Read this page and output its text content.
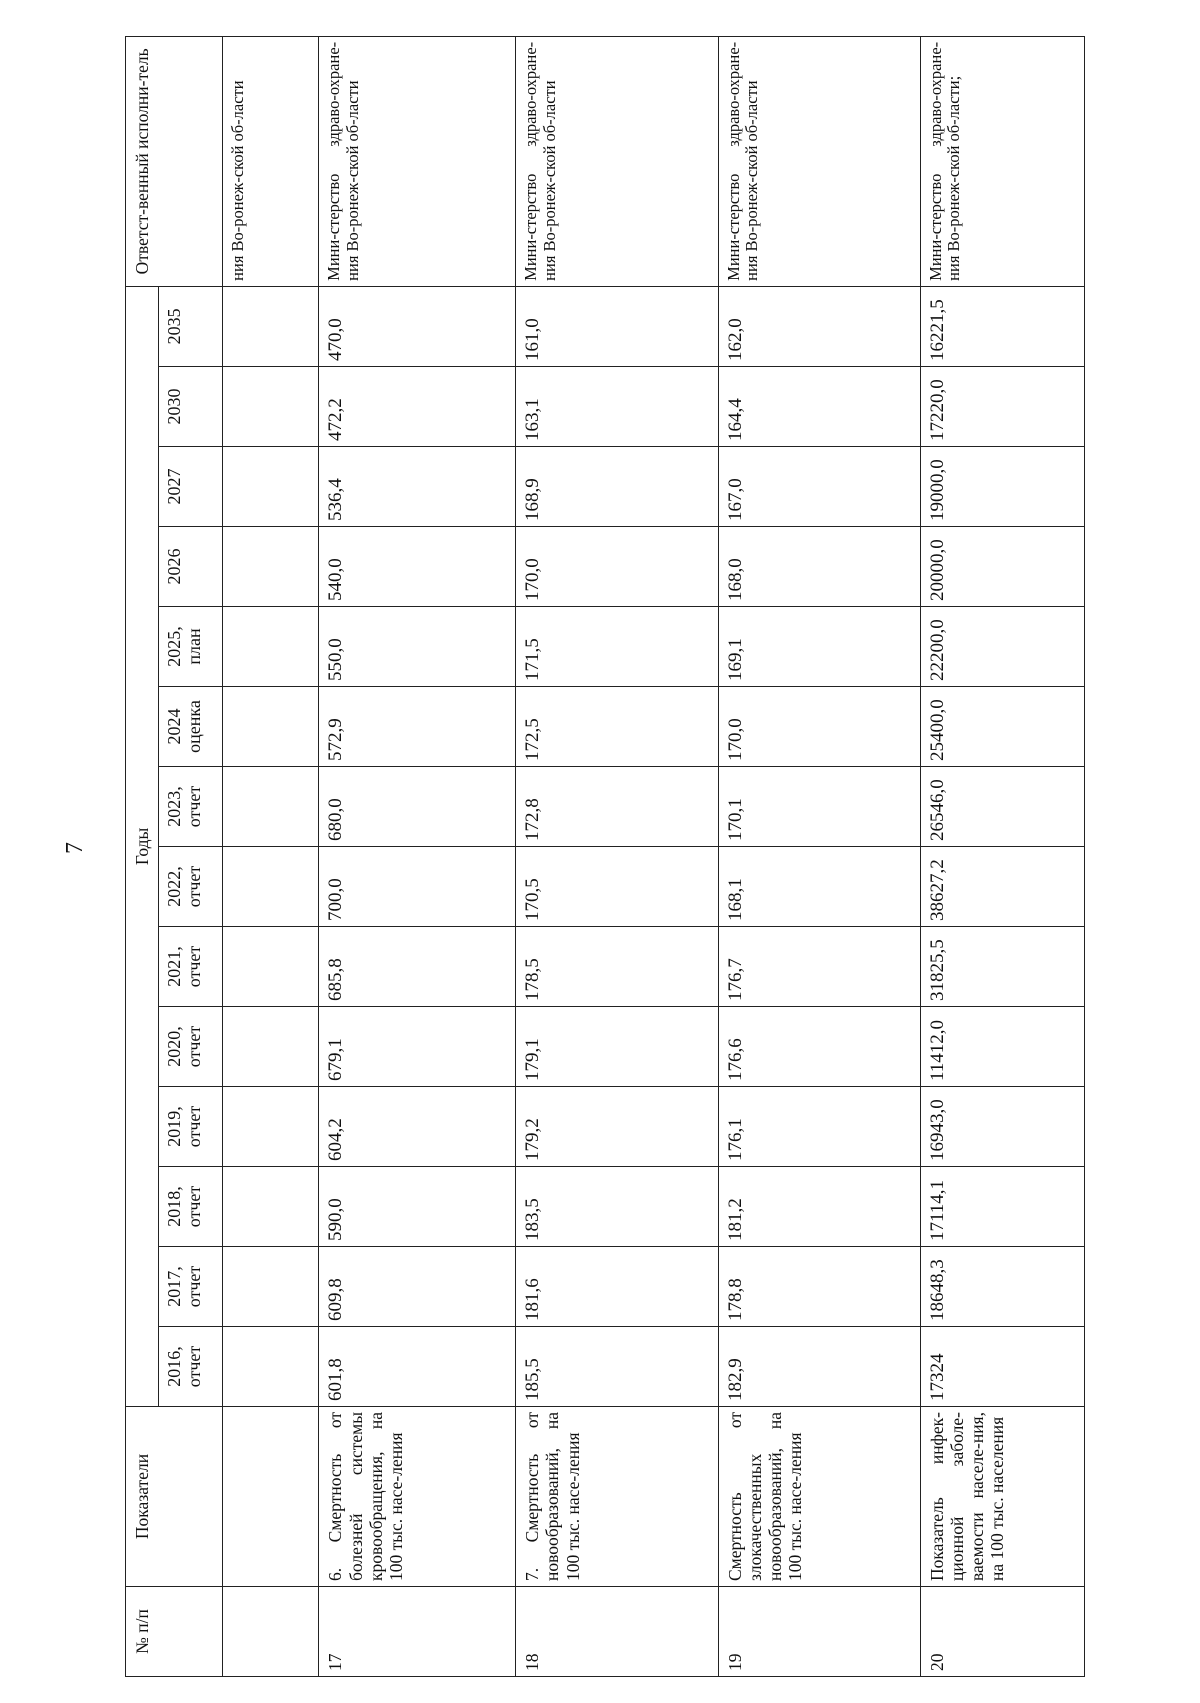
7
№ п/п	Показатели	Годы														Ответст-венный исполни-тель
		2016, отчет	2017, отчет	2018, отчет	2019, отчет	2020, отчет	2021, отчет	2022, отчет	2023, отчет	2024 оценка	2025, план	2026	2027	2030	2035	
																ния Во-ронеж-ской об-ласти
17	6. Смертность от болезней системы кровообращения, на 100 тыс. насе-ления	601,8	609,8	590,0	604,2	679,1	685,8	700,0	680,0	572,9	550,0	540,0	536,4	472,2	470,0	Мини-стерство здраво-охране-ния Во-ронеж-ской об-ласти
18	7. Смертность от новообразований, на 100 тыс. насе-ления	185,5	181,6	183,5	179,2	179,1	178,5	170,5	172,8	172,5	171,5	170,0	168,9	163,1	161,0	Мини-стерство здраво-охране-ния Во-ронеж-ской об-ласти
19	Смертность от злокачественных новообразований, на 100 тыс. насе-ления	182,9	178,8	181,2	176,1	176,6	176,7	168,1	170,1	170,0	169,1	168,0	167,0	164,4	162,0	Мини-стерство здраво-охране-ния Во-ронеж-ской об-ласти
20	Показатель инфек-ционной заболе-ваемости населе-ния, на 100 тыс. населения	17324	18648,3	17114,1	16943,0	11412,0	31825,5	38627,2	26546,0	25400,0	22200,0	20000,0	19000,0	17220,0	16221,5	Мини-стерство здраво-охране-ния Во-ронеж-ской об-ласти;
